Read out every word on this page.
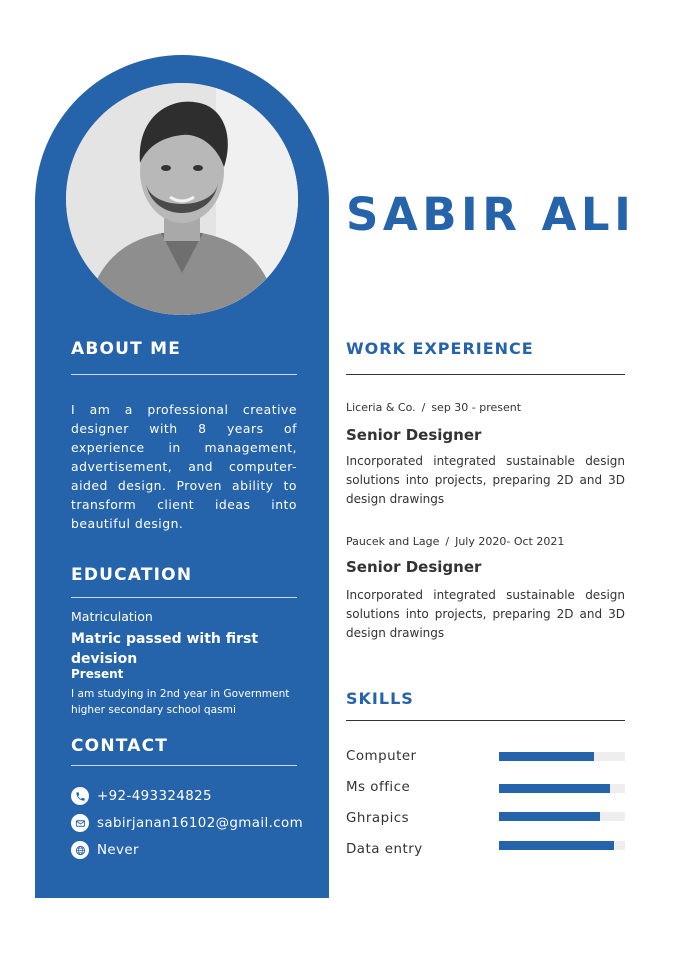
ABOUT ME
I am a professional creative designer with 8 years of experience in management, advertisement, and computer-aided design. Proven ability to transform client ideas into beautiful design.
EDUCATION
Matriculation
Matric passed with first devision
Present
I am studying in 2nd year in Government higher secondary school qasmi
CONTACT
+92-493324825
sabirjanan16102@gmail.com
Never
SABIR ALI
WORK EXPERIENCE
Liceria & Co. / sep 30 - present
Senior Designer
Incorporated integrated sustainable design solutions into projects, preparing 2D and 3D design drawings
Paucek and Lage / July 2020- Oct 2021
Senior Designer
Incorporated integrated sustainable design solutions into projects, preparing 2D and 3D design drawings
SKILLS
Computer
Ms office
Ghrapics
Data entry
